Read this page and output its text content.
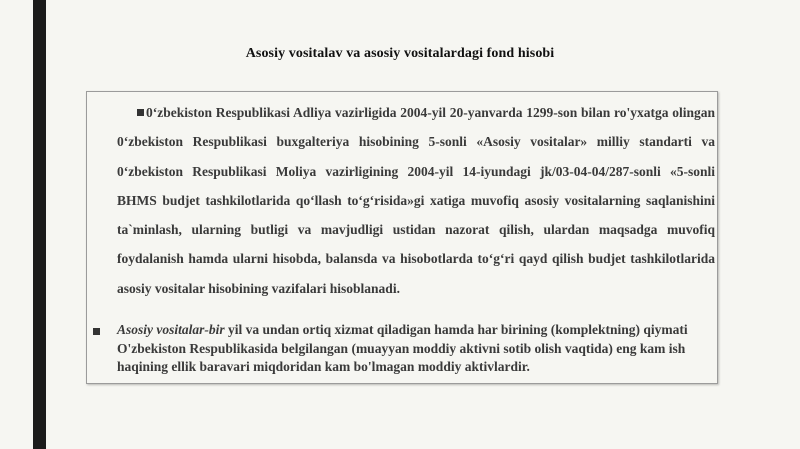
Asosiy vositalav va asosiy vositalardagi fond hisobi

0‘zbekiston Respublikasi Adliya vazirligida 2004-yil 20-yanvarda 1299-son bilan ro'yxatga olingan 0‘zbekiston Respublikasi buxgalteriya hisobining 5-sonli «Asosiy vositalar» milliy standarti va 0‘zbekiston Respublikasi Moliya vazirligining 2004-yil 14-iyundagi jk/03-04-04/287-sonli «5-sonli BHMS budjet tashkilotlarida qo‘llash to‘g‘risida»gi xatiga muvofiq asosiy vositalarning saqlanishini ta`minlash, ularning butligi va mavjudligi ustidan nazorat qilish, ulardan maqsadga muvofiq foydalanish hamda ularni hisobda, balansda va hisobotlarda to‘g‘ri qayd qilish budjet tashkilotlarida asosiy vositalar hisobining vazifalari hisoblanadi.

Asosiy vositalar-bir yil va undan ortiq xizmat qiladigan hamda har birining (komplektning) qiymati O'zbekiston Respublikasida belgilangan (muayyan moddiy aktivni sotib olish vaqtida) eng kam ish haqining ellik baravari miqdoridan kam bo'lmagan moddiy aktivlardir.
